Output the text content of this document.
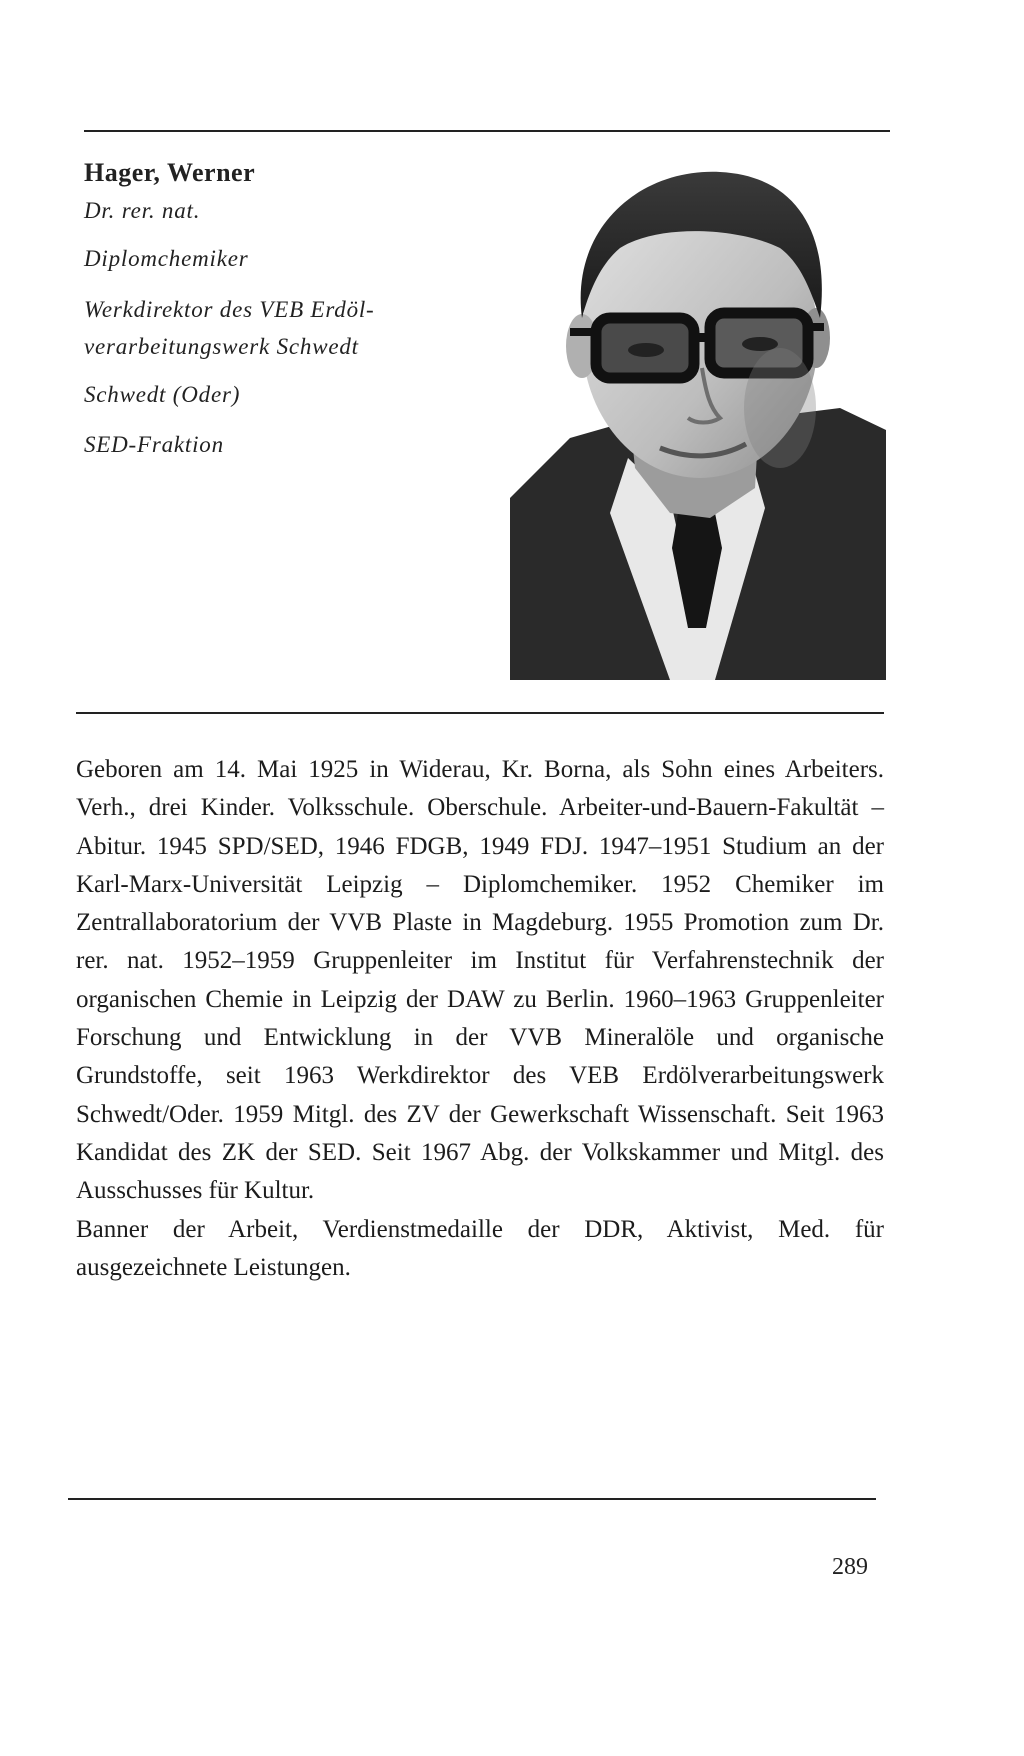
Hager, Werner
Dr. rer. nat.
Diplomchemiker
Werkdirektor des VEB Erdöl-
verarbeitungswerk Schwedt
Schwedt (Oder)
SED-Fraktion

Geboren am 14. Mai 1925 in Widerau, Kr. Borna, als Sohn eines Arbeiters. Verh., drei Kinder. Volksschule. Oberschule. Arbeiter-und-Bauern-Fakultät – Abitur. 1945 SPD/SED, 1946 FDGB, 1949 FDJ. 1947–1951 Studium an der Karl-Marx-Universität Leipzig – Diplomchemiker. 1952 Chemiker im Zentrallaboratorium der VVB Plaste in Magdeburg. 1955 Promotion zum Dr. rer. nat. 1952–1959 Gruppenleiter im Institut für Verfahrenstechnik der organischen Chemie in Leipzig der DAW zu Berlin. 1960–1963 Gruppenleiter Forschung und Entwicklung in der VVB Mineralöle und organische Grundstoffe, seit 1963 Werkdirektor des VEB Erdölverarbeitungswerk Schwedt/Oder. 1959 Mitgl. des ZV der Gewerkschaft Wissenschaft. Seit 1963 Kandidat des ZK der SED. Seit 1967 Abg. der Volkskammer und Mitgl. des Ausschusses für Kultur.

Banner der Arbeit, Verdienstmedaille der DDR, Aktivist, Med. für ausgezeichnete Leistungen.

289
